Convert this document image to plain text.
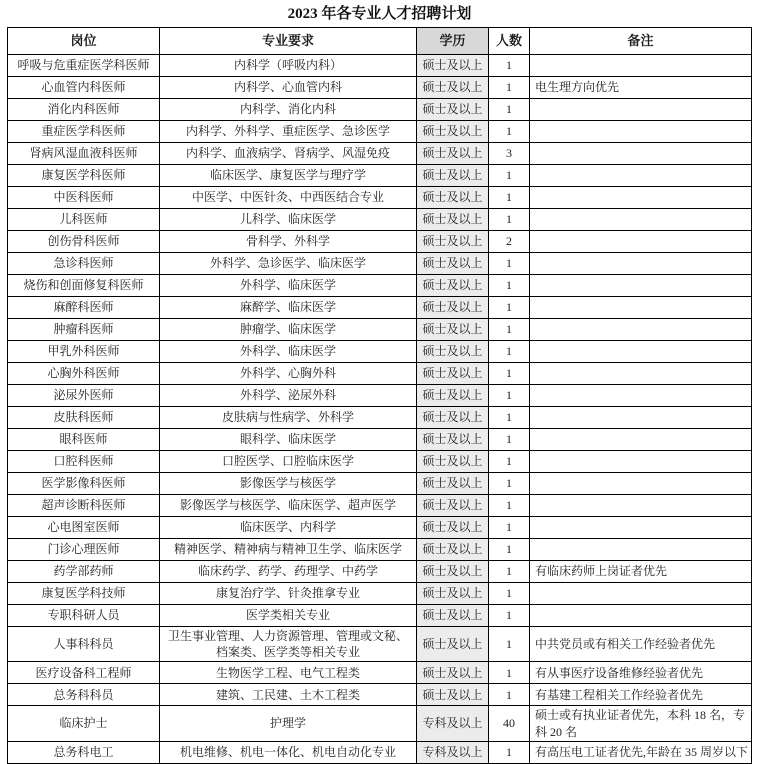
2023 年各专业人才招聘计划
岗位	专业要求	学历	人数	备注
呼吸与危重症医学科医师	内科学（呼吸内科）	硕士及以上	1	
心血管内科医师	内科学、心血管内科	硕士及以上	1	电生理方向优先
消化内科医师	内科学、消化内科	硕士及以上	1	
重症医学科医师	内科学、外科学、重症医学、急诊医学	硕士及以上	1	
肾病风湿血液科医师	内科学、血液病学、肾病学、风湿免疫	硕士及以上	3	
康复医学科医师	临床医学、康复医学与理疗学	硕士及以上	1	
中医科医师	中医学、中医针灸、中西医结合专业	硕士及以上	1	
儿科医师	儿科学、临床医学	硕士及以上	1	
创伤骨科医师	骨科学、外科学	硕士及以上	2	
急诊科医师	外科学、急诊医学、临床医学	硕士及以上	1	
烧伤和创面修复科医师	外科学、临床医学	硕士及以上	1	
麻醉科医师	麻醉学、临床医学	硕士及以上	1	
肿瘤科医师	肿瘤学、临床医学	硕士及以上	1	
甲乳外科医师	外科学、临床医学	硕士及以上	1	
心胸外科医师	外科学、心胸外科	硕士及以上	1	
泌尿外医师	外科学、泌尿外科	硕士及以上	1	
皮肤科医师	皮肤病与性病学、外科学	硕士及以上	1	
眼科医师	眼科学、临床医学	硕士及以上	1	
口腔科医师	口腔医学、口腔临床医学	硕士及以上	1	
医学影像科医师	影像医学与核医学	硕士及以上	1	
超声诊断科医师	影像医学与核医学、临床医学、超声医学	硕士及以上	1	
心电图室医师	临床医学、内科学	硕士及以上	1	
门诊心理医师	精神医学、精神病与精神卫生学、临床医学	硕士及以上	1	
药学部药师	临床药学、药学、药理学、中药学	硕士及以上	1	有临床药师上岗证者优先
康复医学科技师	康复治疗学、针灸推拿专业	硕士及以上	1	
专职科研人员	医学类相关专业	硕士及以上	1	
人事科科员	卫生事业管理、人力资源管理、管理或文秘、档案类、医学类等相关专业	硕士及以上	1	中共党员或有相关工作经验者优先
医疗设备科工程师	生物医学工程、电气工程类	硕士及以上	1	有从事医疗设备维修经验者优先
总务科科员	建筑、工民建、土木工程类	硕士及以上	1	有基建工程相关工作经验者优先
临床护士	护理学	专科及以上	40	硕士或有执业证者优先，本科 18 名，专科 20 名
总务科电工	机电维修、机电一体化、机电自动化专业	专科及以上	1	有高压电工证者优先,年龄在 35 周岁以下
